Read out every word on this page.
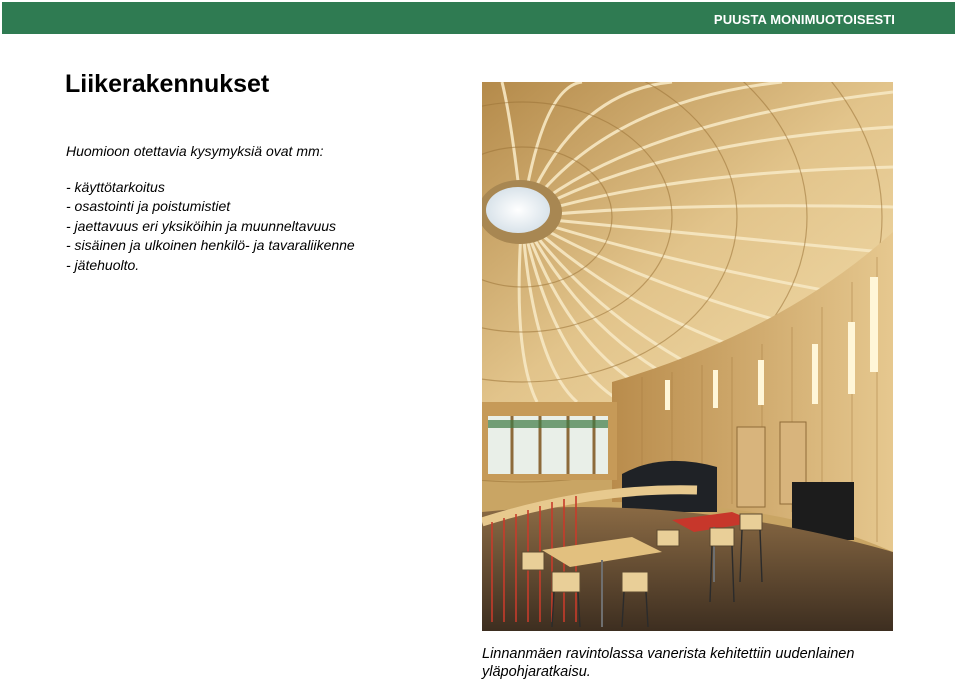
PUUSTA MONIMUOTOISESTI
Liikerakennukset

Huomioon otettavia kysymyksiä ovat mm:

- käyttötarkoitus
- osastointi ja poistumistiet
- jaettavuus eri yksiköihin ja muunneltavuus
- sisäinen ja ulkoinen henkilö- ja tavaraliikenne
- jätehuolto.

Linnanmäen ravintolassa vanerista kehitettiin uudenlainen yläpohjaratkaisu.
